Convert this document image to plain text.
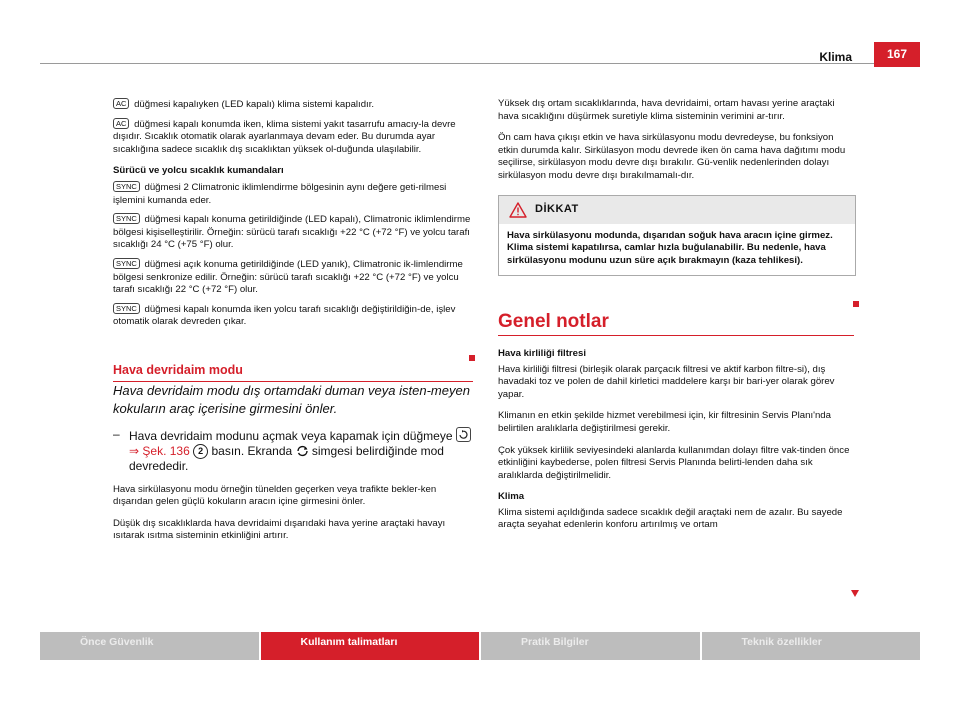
Klima	167

AC düğmesi kapalıyken (LED kapalı) klima sistemi kapalıdır.

AC düğmesi kapalı konumda iken, klima sistemi yakıt tasarrufu amacıy-la devre dışıdır. Sıcaklık otomatik olarak ayarlanmaya devam eder. Bu durumda ayar sıcaklığına sadece sıcaklık dış sıcaklıktan yüksek ol-duğunda ulaşılabilir.

Sürücü ve yolcu sıcaklık kumandaları

SYNC düğmesi 2 Climatronic iklimlendirme bölgesinin aynı değere geti-rilmesi işlemini kumanda eder.

SYNC düğmesi kapalı konuma getirildiğinde (LED kapalı), Climatronic iklimlendirme bölgesi kişiselleştirilir. Örneğin: sürücü tarafı sıcaklığı +22 °C (+72 °F) ve yolcu tarafı sıcaklığı 24 °C (+75 °F) olur.

SYNC düğmesi açık konuma getirildiğinde (LED yanık), Climatronic ik-limlendirme bölgesi senkronize edilir. Örneğin: sürücü tarafı sıcaklığı +22 °C (+72 °F) ve yolcu tarafı sıcaklığı 22 °C (+72 °F) olur.

SYNC düğmesi kapalı konumda iken yolcu tarafı sıcaklığı değiştirildiğin-de, işlev otomatik olarak devreden çıkar.

Hava devridaim modu

Hava devridaim modu dış ortamdaki duman veya isten-meyen kokuların araç içerisine girmesini önler.

– Hava devridaim modunu açmak veya kapamak için düğmeye
⇒ Şek. 136 2 basın. Ekranda simgesi belirdiğinde mod devrededir.

Hava sirkülasyonu modu örneğin tünelden geçerken veya trafikte bekler-ken dışarıdan gelen güçlü kokuların aracın içine girmesini önler.

Düşük dış sıcaklıklarda hava devridaimi dışarıdaki hava yerine araçtaki havayı ısıtarak ısıtma sisteminin etkinliğini artırır.

Yüksek dış ortam sıcaklıklarında, hava devridaimi, ortam havası yerine araçtaki hava sıcaklığını düşürmek suretiyle klima sisteminin verimini ar-tırır.

Ön cam hava çıkışı etkin ve hava sirkülasyonu modu devredeyse, bu fonksiyon etkin durumda kalır. Sirkülasyon modu devrede iken ön cama hava dağıtımı modu seçilirse, sirkülasyon modu devre dışı bırakılır. Gü-venlik nedenlerinden dolayı sirkülasyon modu devre dışı bırakılmamalı-dır.

DİKKAT
Hava sirkülasyonu modunda, dışarıdan soğuk hava aracın içine girmez. Klima sistemi kapatılırsa, camlar hızla buğulanabilir. Bu nedenle, hava sirkülasyonu modunu uzun süre açık bırakmayın (kaza tehlikesi).
Genel notlar

Hava kirliliği filtresi

Hava kirliliği filtresi (birleşik olarak parçacık filtresi ve aktif karbon filtre-si), dış havadaki toz ve polen de dahil kirletici maddelere karşı bir bari-yer olarak görev yapar.

Klimanın en etkin şekilde hizmet verebilmesi için, kir filtresinin Servis Planı'nda belirtilen aralıklarla değiştirilmesi gerekir.

Çok yüksek kirlilik seviyesindeki alanlarda kullanımdan dolayı filtre vak-tinden önce etkinliğini kaybederse, polen filtresi Servis Planında belirti-lenden daha sık aralıklarda değiştirilmelidir.

Klima

Klima sistemi açıldığında sadece sıcaklık değil araçtaki nem de azalır. Bu sayede araçta seyahat edenlerin konforu artırılmış ve ortam

Önce Güvenlik	Kullanım talimatları	Pratik Bilgiler	Teknik özellikler
